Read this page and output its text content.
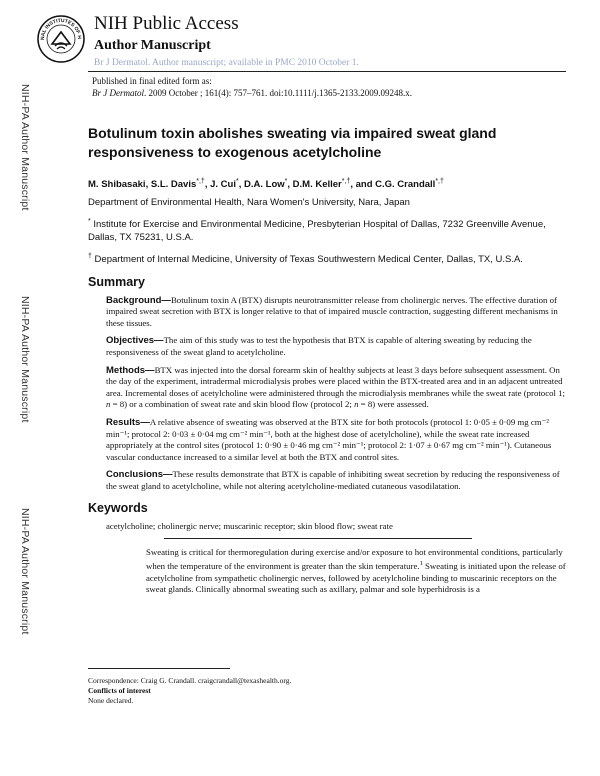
NAL INSTITUTES OF H
NIH Public Access
Author Manuscript
Br J Dermatol. Author manuscript; available in PMC 2010 October 1.
Published in final edited form as:
Br J Dermatol. 2009 October ; 161(4): 757–761. doi:10.1111/j.1365-2133.2009.09248.x.
NIH-PA Author Manuscript
NIH-PA Author Manuscript
NIH-PA Author Manuscript
Botulinum toxin abolishes sweating via impaired sweat gland responsiveness to exogenous acetylcholine
M. Shibasaki, S.L. Davis*,†, J. Cui*, D.A. Low*, D.M. Keller*,†, and C.G. Crandall*,†

Department of Environmental Health, Nara Women's University, Nara, Japan

* Institute for Exercise and Environmental Medicine, Presbyterian Hospital of Dallas, 7232 Greenville Avenue, Dallas, TX 75231, U.S.A.

† Department of Internal Medicine, University of Texas Southwestern Medical Center, Dallas, TX, U.S.A.

Summary

Background—Botulinum toxin A (BTX) disrupts neurotransmitter release from cholinergic nerves. The effective duration of impaired sweat secretion with BTX is longer relative to that of impaired muscle contraction, suggesting different mechanisms in these tissues.

Objectives—The aim of this study was to test the hypothesis that BTX is capable of altering sweating by reducing the responsiveness of the sweat gland to acetylcholine.

Methods—BTX was injected into the dorsal forearm skin of healthy subjects at least 3 days before subsequent assessment. On the day of the experiment, intradermal microdialysis probes were placed within the BTX-treated area and in an adjacent untreated area. Incremental doses of acetylcholine were administered through the microdialysis membranes while the sweat rate (protocol 1; n = 8) or a combination of sweat rate and skin blood flow (protocol 2; n = 8) were assessed.

Results—A relative absence of sweating was observed at the BTX site for both protocols (protocol 1: 0·05 ± 0·09 mg cm⁻² min⁻¹; protocol 2: 0·03 ± 0·04 mg cm⁻² min⁻¹, both at the highest dose of acetylcholine), while the sweat rate increased appropriately at the control sites (protocol 1: 0·90 ± 0·46 mg cm⁻² min⁻¹; protocol 2: 1·07 ± 0·67 mg cm⁻² min⁻¹). Cutaneous vascular conductance increased to a similar level at both the BTX and control sites.

Conclusions—These results demonstrate that BTX is capable of inhibiting sweat secretion by reducing the responsiveness of the sweat gland to acetylcholine, while not altering acetylcholine-mediated cutaneous vasodilatation.

Keywords

acetylcholine; cholinergic nerve; muscarinic receptor; skin blood flow; sweat rate

Sweating is critical for thermoregulation during exercise and/or exposure to hot environmental conditions, particularly when the temperature of the environment is greater than the skin temperature.$^1$ Sweating is initiated upon the release of acetylcholine from sympathetic cholinergic nerves, followed by acetylcholine binding to muscarinic receptors on the sweat glands. Clinically abnormal sweating such as axillary, palmar and sole hyperhidrosis is a

Correspondence: Craig G. Crandall. craigcrandall@texashealth.org.
Conflicts of interest
None declared.
